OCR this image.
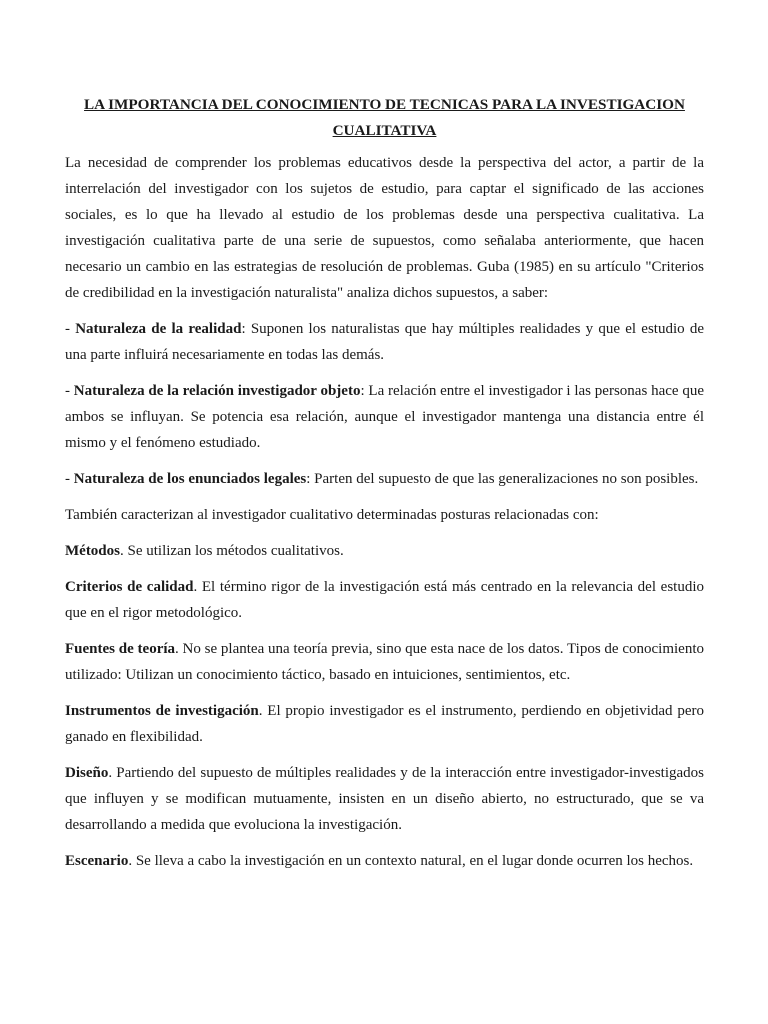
LA IMPORTANCIA DEL CONOCIMIENTO DE TECNICAS PARA LA INVESTIGACION CUALITATIVA

La necesidad de comprender los problemas educativos desde la perspectiva del actor, a partir de la interrelación del investigador con los sujetos de estudio, para captar el significado de las acciones sociales, es lo que ha llevado al estudio de los problemas desde una perspectiva cualitativa. La investigación cualitativa parte de una serie de supuestos, como señalaba anteriormente, que hacen necesario un cambio en las estrategias de resolución de problemas. Guba (1985) en su artículo "Criterios de credibilidad en la investigación naturalista" analiza dichos supuestos, a saber:

- Naturaleza de la realidad: Suponen los naturalistas que hay múltiples realidades y que el estudio de una parte influirá necesariamente en todas las demás.

- Naturaleza de la relación investigador objeto: La relación entre el investigador i las personas hace que ambos se influyan. Se potencia esa relación, aunque el investigador mantenga una distancia entre él mismo y el fenómeno estudiado.

- Naturaleza de los enunciados legales: Parten del supuesto de que las generalizaciones no son posibles.

También caracterizan al investigador cualitativo determinadas posturas relacionadas con:

Métodos. Se utilizan los métodos cualitativos.

Criterios de calidad. El término rigor de la investigación está más centrado en la relevancia del estudio que en el rigor metodológico.

Fuentes de teoría. No se plantea una teoría previa, sino que esta nace de los datos. Tipos de conocimiento utilizado: Utilizan un conocimiento táctico, basado en intuiciones, sentimientos, etc.

Instrumentos de investigación. El propio investigador es el instrumento, perdiendo en objetividad pero ganado en flexibilidad.

Diseño. Partiendo del supuesto de múltiples realidades y de la interacción entre investigador-investigados que influyen y se modifican mutuamente, insisten en un diseño abierto, no estructurado, que se va desarrollando a medida que evoluciona la investigación.

Escenario. Se lleva a cabo la investigación en un contexto natural, en el lugar donde ocurren los hechos.
